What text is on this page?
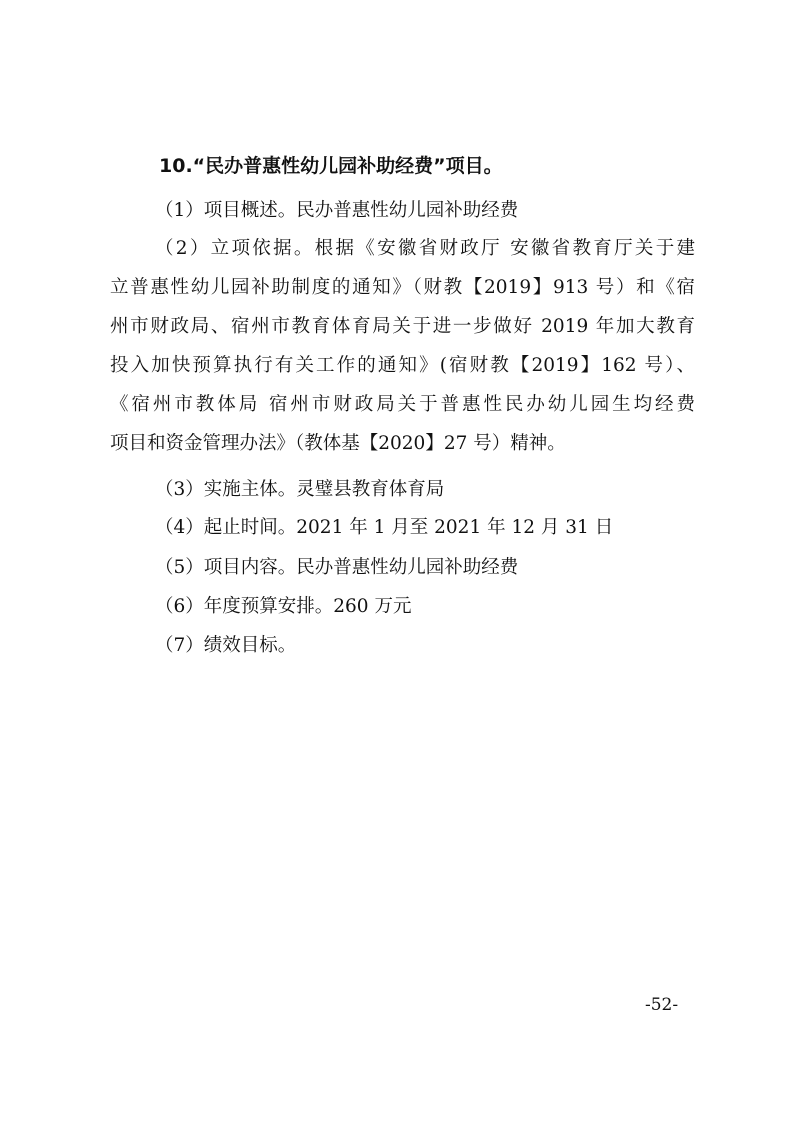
10.“民办普惠性幼儿园补助经费”项目。
（1）项目概述。民办普惠性幼儿园补助经费
（2）立项依据。根据《安徽省财政厅 安徽省教育厅关于建
立普惠性幼儿园补助制度的通知》（财教【2019】913 号）和《宿
州市财政局、宿州市教育体育局关于进一步做好 2019 年加大教育
投入加快预算执行有关工作的通知》(宿财教【2019】162 号）、
《宿州市教体局 宿州市财政局关于普惠性民办幼儿园生均经费
项目和资金管理办法》（教体基【2020】27 号）精神。
（3）实施主体。灵璧县教育体育局
（4）起止时间。2021 年 1 月至 2021 年 12 月 31 日
（5）项目内容。民办普惠性幼儿园补助经费
（6）年度预算安排。260 万元
（7）绩效目标。
-52-
